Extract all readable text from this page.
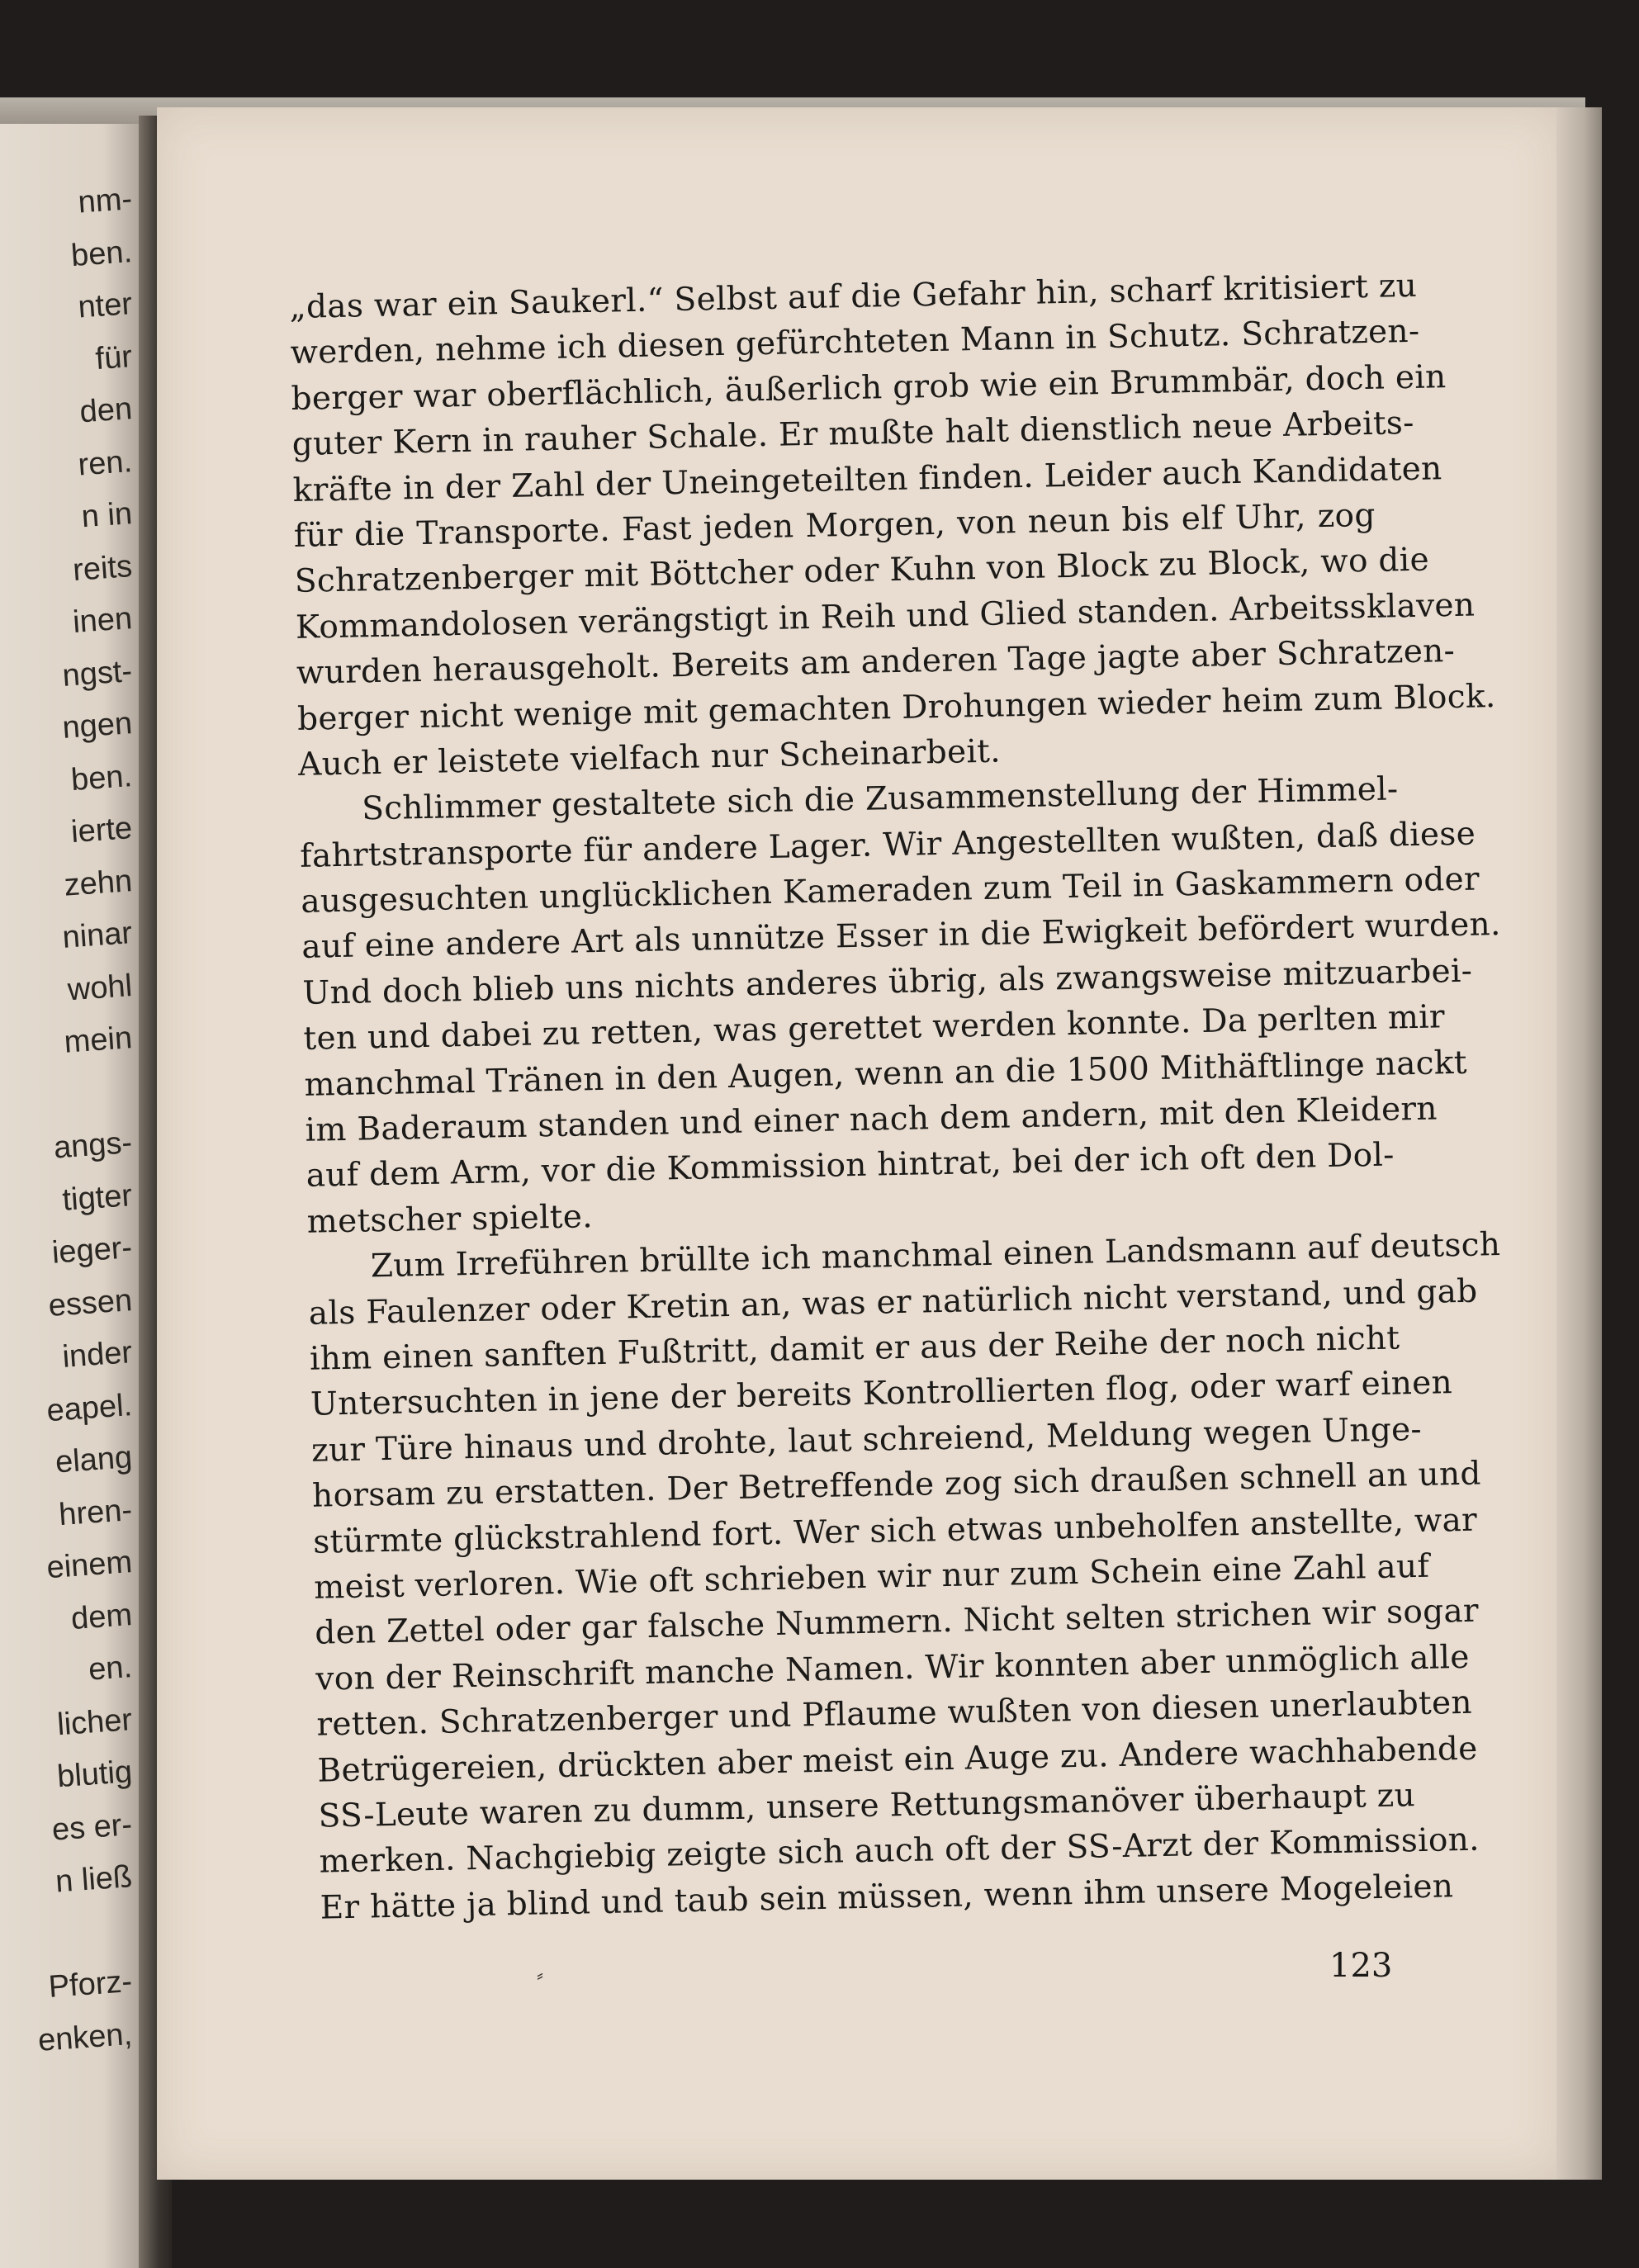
nm-
ben.
nter
für
den
ren.
n in
reits
inen
ngst-
ngen
ben.
ierte
zehn
ninar
wohl
mein
angs-
tigter
ieger-
essen
inder
eapel.
elang
hren-
einem
dem
en.
licher
blutig
es er-
n ließ
Pforz-
enken,
„das war ein Saukerl.“ Selbst auf die Gefahr hin, scharf kritisiert zu
werden, nehme ich diesen gefürchteten Mann in Schutz. Schratzen-
berger war oberflächlich, äußerlich grob wie ein Brummbär, doch ein
guter Kern in rauher Schale. Er mußte halt dienstlich neue Arbeits-
kräfte in der Zahl der Uneingeteilten finden. Leider auch Kandidaten
für die Transporte. Fast jeden Morgen, von neun bis elf Uhr, zog
Schratzenberger mit Böttcher oder Kuhn von Block zu Block, wo die
Kommandolosen verängstigt in Reih und Glied standen. Arbeitssklaven
wurden herausgeholt. Bereits am anderen Tage jagte aber Schratzen-
berger nicht wenige mit gemachten Drohungen wieder heim zum Block.
Auch er leistete vielfach nur Scheinarbeit.
Schlimmer gestaltete sich die Zusammenstellung der Himmel-
fahrtstransporte für andere Lager. Wir Angestellten wußten, daß diese
ausgesuchten unglücklichen Kameraden zum Teil in Gaskammern oder
auf eine andere Art als unnütze Esser in die Ewigkeit befördert wurden.
Und doch blieb uns nichts anderes übrig, als zwangsweise mitzuarbei-
ten und dabei zu retten, was gerettet werden konnte. Da perlten mir
manchmal Tränen in den Augen, wenn an die 1500 Mithäftlinge nackt
im Baderaum standen und einer nach dem andern, mit den Kleidern
auf dem Arm, vor die Kommission hintrat, bei der ich oft den Dol-
metscher spielte.
Zum Irreführen brüllte ich manchmal einen Landsmann auf deutsch
als Faulenzer oder Kretin an, was er natürlich nicht verstand, und gab
ihm einen sanften Fußtritt, damit er aus der Reihe der noch nicht
Untersuchten in jene der bereits Kontrollierten flog, oder warf einen
zur Türe hinaus und drohte, laut schreiend, Meldung wegen Unge-
horsam zu erstatten. Der Betreffende zog sich draußen schnell an und
stürmte glückstrahlend fort. Wer sich etwas unbeholfen anstellte, war
meist verloren. Wie oft schrieben wir nur zum Schein eine Zahl auf
den Zettel oder gar falsche Nummern. Nicht selten strichen wir sogar
von der Reinschrift manche Namen. Wir konnten aber unmöglich alle
retten. Schratzenberger und Pflaume wußten von diesen unerlaubten
Betrügereien, drückten aber meist ein Auge zu. Andere wachhabende
SS-Leute waren zu dumm, unsere Rettungsmanöver überhaupt zu
merken. Nachgiebig zeigte sich auch oft der SS-Arzt der Kommission.
Er hätte ja blind und taub sein müssen, wenn ihm unsere Mogeleien
⸗	123
